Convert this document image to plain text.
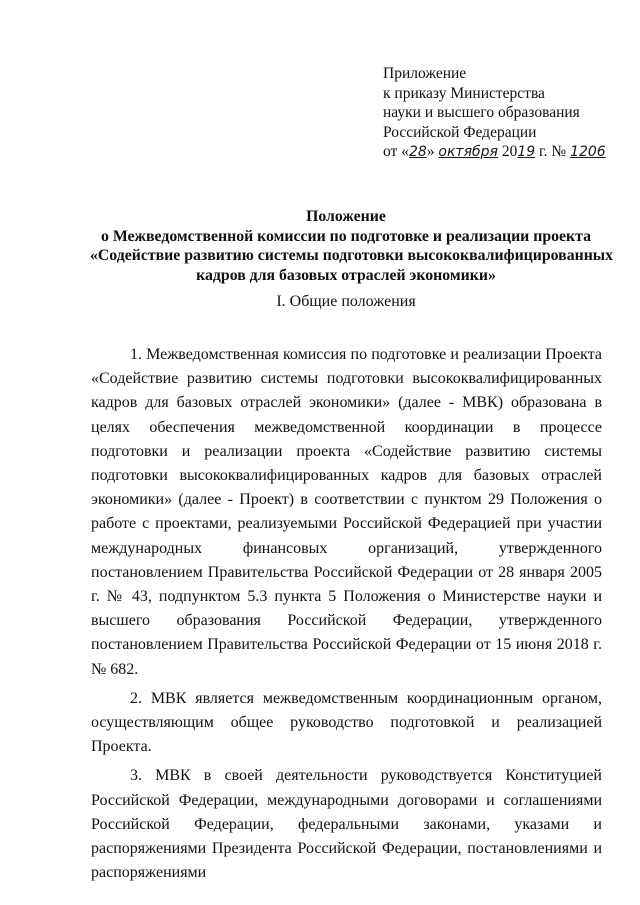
Приложение
к приказу Министерства
науки и высшего образования
Российской Федерации
от «28» октября 2019 г. № 1206
Положение
о Межведомственной комиссии по подготовке и реализации проекта
«Содействие развитию системы подготовки высококвалифицированных
кадров для базовых отраслей экономики»
I. Общие положения

1. Межведомственная комиссия по подготовке и реализации Проекта «Содействие развитию системы подготовки высококвалифицированных кадров для базовых отраслей экономики» (далее - МВК) образована в целях обеспечения межведомственной координации в процессе подготовки и реализации проекта «Содействие развитию системы подготовки высококвалифицированных кадров для базовых отраслей экономики» (далее - Проект) в соответствии с пунктом 29 Положения о работе с проектами, реализуемыми Российской Федерацией при участии международных финансовых организаций, утвержденного постановлением Правительства Российской Федерации от 28 января 2005 г. № 43, подпунктом 5.3 пункта 5 Положения о Министерстве науки и высшего образования Российской Федерации, утвержденного постановлением Правительства Российской Федерации от 15 июня 2018 г. № 682.

2. МВК является межведомственным координационным органом, осуществляющим общее руководство подготовкой и реализацией Проекта.

3. МВК в своей деятельности руководствуется Конституцией Российской Федерации, международными договорами и соглашениями Российской Федерации, федеральными законами, указами и распоряжениями Президента Российской Федерации, постановлениями и распоряжениями
